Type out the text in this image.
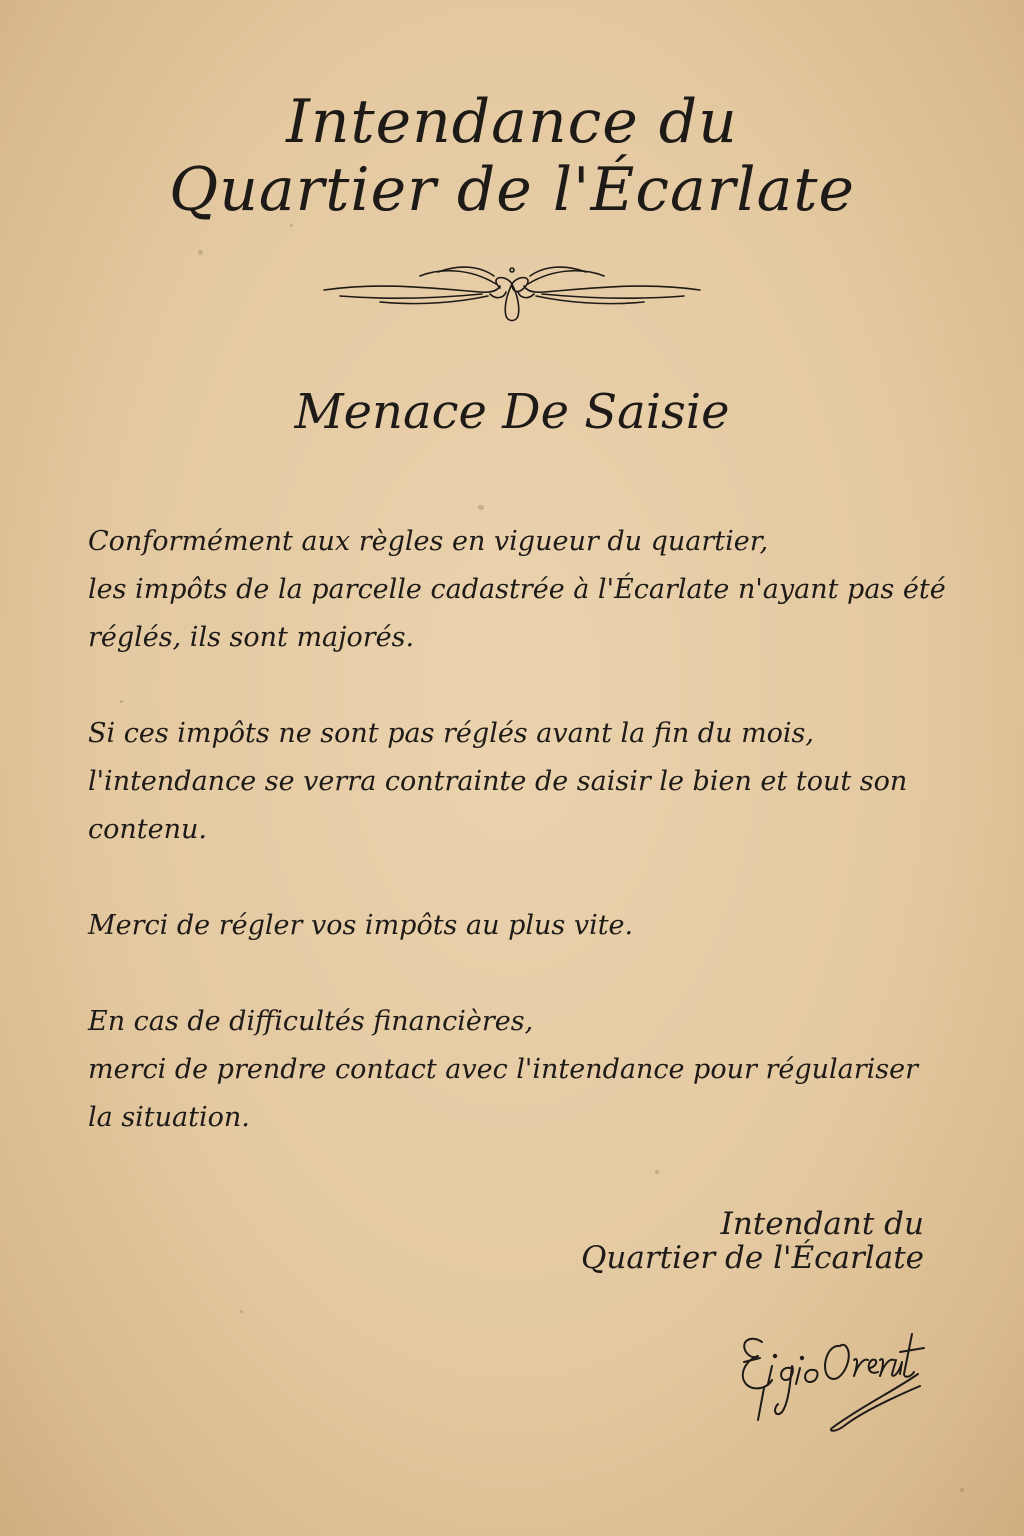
Intendance du
Quartier de l'Écarlate
Menace De Saisie

Conformément aux règles en vigueur du quartier,

les impôts de la parcelle cadastrée à l'Écarlate n'ayant pas été

réglés, ils sont majorés.

Si ces impôts ne sont pas réglés avant la fin du mois,

l'intendance se verra contrainte de saisir le bien et tout son

contenu.

Merci de régler vos impôts au plus vite.

En cas de difficultés financières,

merci de prendre contact avec l'intendance pour régulariser

la situation.

Intendant du

Quartier de l'Écarlate
